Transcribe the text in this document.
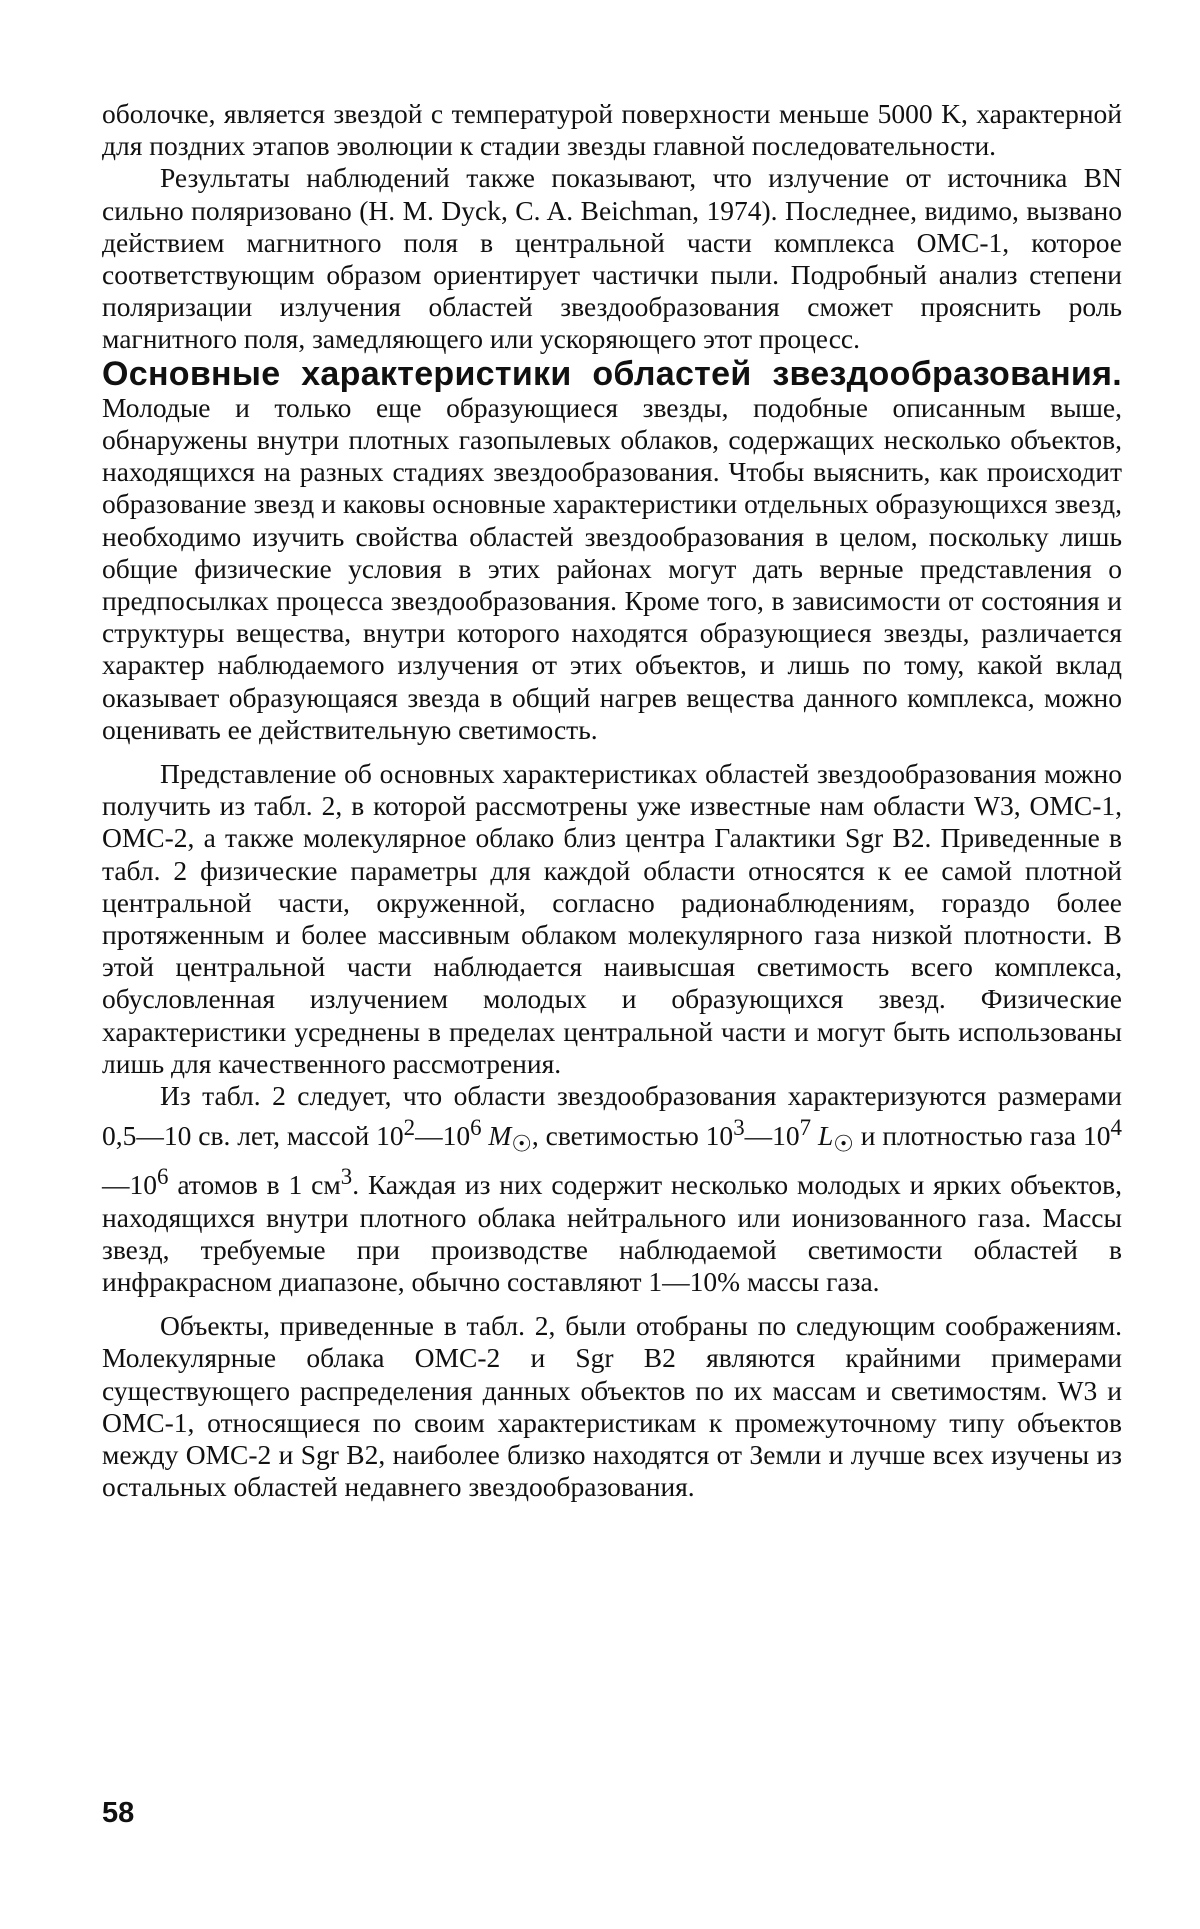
оболочке, является звездой с температурой поверхности меньше 5000 K, характерной для поздних этапов эволюции к стадии звезды главной последовательности.

Результаты наблюдений также показывают, что излучение от источника BN сильно поляризовано (H. M. Dyck, C. A. Beichman, 1974). Последнее, видимо, вызвано действием магнитного поля в центральной части комплекса ОМС-1, которое соответствующим образом ориентирует частички пыли. Подробный анализ степени поляризации излучения областей звездообразования сможет прояснить роль магнитного поля, замедляющего или ускоряющего этот процесс.

Основные характеристики областей звездообразования. Молодые и только еще образующиеся звезды, подобные описанным выше, обнаружены внутри плотных газопылевых облаков, содержащих несколько объектов, находящихся на разных стадиях звездообразования. Чтобы выяснить, как происходит образование звезд и каковы основные характеристики отдельных образующихся звезд, необходимо изучить свойства областей звездообразования в целом, поскольку лишь общие физические условия в этих районах могут дать верные представления о предпосылках процесса звездообразования. Кроме того, в зависимости от состояния и структуры вещества, внутри которого находятся образующиеся звезды, различается характер наблюдаемого излучения от этих объектов, и лишь по тому, какой вклад оказывает образующаяся звезда в общий нагрев вещества данного комплекса, можно оценивать ее действительную светимость.

Представление об основных характеристиках областей звездообразования можно получить из табл. 2, в которой рассмотрены уже известные нам области W3, ОМС-1, ОМС-2, а также молекулярное облако близ центра Галактики Sgr B2. Приведенные в табл. 2 физические параметры для каждой области относятся к ее самой плотной центральной части, окруженной, согласно радионаблюдениям, гораздо более протяженным и более массивным облаком молекулярного газа низкой плотности. В этой центральной части наблюдается наивысшая светимость всего комплекса, обусловленная излучением молодых и образующихся звезд. Физические характеристики усреднены в пределах центральной части и могут быть использованы лишь для качественного рассмотрения.

Из табл. 2 следует, что области звездообразования характеризуются размерами 0,5—10 св. лет, массой $10^2—10^6$ $M_☉$, светимостью $10^3—10^7$ $L_☉$ и плотностью газа $10^4—10^6$ атомов в 1 $см^3$. Каждая из них содержит несколько молодых и ярких объектов, находящихся внутри плотного облака нейтрального или ионизованного газа. Массы звезд, требуемые при производстве наблюдаемой светимости областей в инфракрасном диапазоне, обычно составляют 1—10% массы газа.

Объекты, приведенные в табл. 2, были отобраны по следующим соображениям. Молекулярные облака ОМС-2 и Sgr B2 являются крайними примерами существующего распределения данных объектов по их массам и светимостям. W3 и ОМС-1, относящиеся по своим характеристикам к промежуточному типу объектов между ОМС-2 и Sgr B2, наиболее близко находятся от Земли и лучше всех изучены из остальных областей недавнего звездообразования.

58
